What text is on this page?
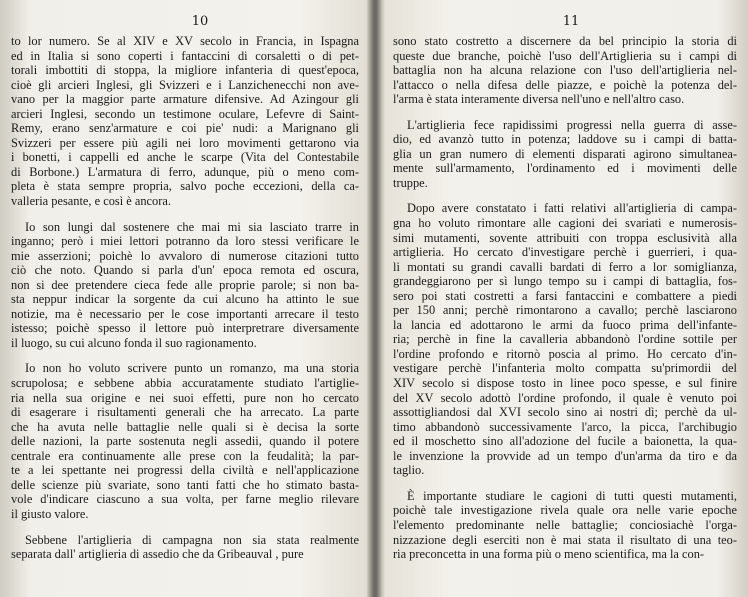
10
to lor numero. Se al XIV e XV secolo in Francia, in Ispagna
ed in Italia si sono coperti i fantaccini di corsaletti o di pet-
torali imbottiti di stoppa, la migliore infanteria di quest'epoca,
cioè gli arcieri Inglesi, gli Svizzeri e i Lanzichenecchi non ave-
vano per la maggior parte armature difensive. Ad Azingour gli
arcieri Inglesi, secondo un testimone oculare, Lefevre di Saint-
Remy, erano senz'armature e coi pie' nudi: a Marignano gli
Svizzeri per essere più agili nei loro movimenti gettarono via
i bonetti, i cappelli ed anche le scarpe (Vita del Contestabile
di Borbone.) L'armatura di ferro, adunque, più o meno com-
pleta è stata sempre propria, salvo poche eccezioni, della ca-
valleria pesante, e così è ancora.
Io son lungi dal sostenere che mai mi sia lasciato trarre in
inganno; però i miei lettori potranno da loro stessi verificare le
mie asserzioni; poichè lo avvaloro di numerose citazioni tutto
ciò che noto. Quando si parla d'un' epoca remota ed oscura,
non si dee pretendere cieca fede alle proprie parole; si non ba-
sta neppur indicar la sorgente da cui alcuno ha attinto le sue
notizie, ma è necessario per le cose importanti arrecare il testo
istesso; poichè spesso il lettore può interpretrare diversamente
il luogo, su cui alcuno fonda il suo ragionamento.
Io non ho voluto scrivere punto un romanzo, ma una storia
scrupolosa; e sebbene abbia accuratamente studiato l'artiglie-
ria nella sua origine e nei suoi effetti, pure non ho cercato
di esagerare i risultamenti generali che ha arrecato. La parte
che ha avuta nelle battaglie nelle quali si è decisa la sorte
delle nazioni, la parte sostenuta negli assedii, quando il potere
centrale era continuamente alle prese con la feudalità; la par-
te a lei spettante nei progressi della civiltà e nell'applicazione
delle scienze più svariate, sono tanti fatti che ho stimato basta-
vole d'indicare ciascuno a sua volta, per farne meglio rilevare
il giusto valore.
Sebbene l'artiglieria di campagna non sia stata realmente
separata dall' artiglieria di assedio che da Gribeauval , pure
11
sono stato costretto a discernere da bel principio la storia di
queste due branche, poichè l'uso dell'Artiglieria su i campi di
battaglia non ha alcuna relazione con l'uso dell'artiglieria nel-
l'attacco o nella difesa delle piazze, e poichè la potenza del-
l'arma è stata interamente diversa nell'uno e nell'altro caso.
L'artiglieria fece rapidissimi progressi nella guerra di asse-
dio, ed avanzò tutto in potenza; laddove su i campi di batta-
glia un gran numero di elementi disparati agirono simultanea-
mente sull'armamento, l'ordinamento ed i movimenti delle
truppe.
Dopo avere constatato i fatti relativi all'artiglieria di campa-
gna ho voluto rimontare alle cagioni dei svariati e numerosis-
simi mutamenti, sovente attribuiti con troppa esclusività alla
artiglieria. Ho cercato d'investigare perchè i guerrieri, i qua-
li montati su grandi cavalli bardati di ferro a lor somiglianza,
grandeggiarono per sì lungo tempo su i campi di battaglia, fos-
sero poi stati costretti a farsi fantaccini e combattere a piedi
per 150 anni; perchè rimontarono a cavallo; perchè lasciarono
la lancia ed adottarono le armi da fuoco prima dell'infante-
ria; perchè in fine la cavalleria abbandonò l'ordine sottile per
l'ordine profondo e ritornò poscia al primo. Ho cercato d'in-
vestigare perchè l'infanteria molto compatta su'primordii del
XIV secolo si dispose tosto in linee poco spesse, e sul finire
del XV secolo adottò l'ordine profondo, il quale è venuto poi
assottigliandosi dal XVI secolo sino ai nostri dì; perchè da ul-
timo abbandonò successivamente l'arco, la picca, l'archibugio
ed il moschetto sino all'adozione del fucile a baionetta, la qua-
le invenzione la provvide ad un tempo d'un'arma da tiro e da
taglio.
È importante studiare le cagioni di tutti questi mutamenti,
poichè tale investigazione rivela quale ora nelle varie epoche
l'elemento predominante nelle battaglie; conciosiachè l'orga-
nizzazione degli eserciti non è mai stata il risultato di una teo-
ria preconcetta in una forma più o meno scientifica, ma la con-
